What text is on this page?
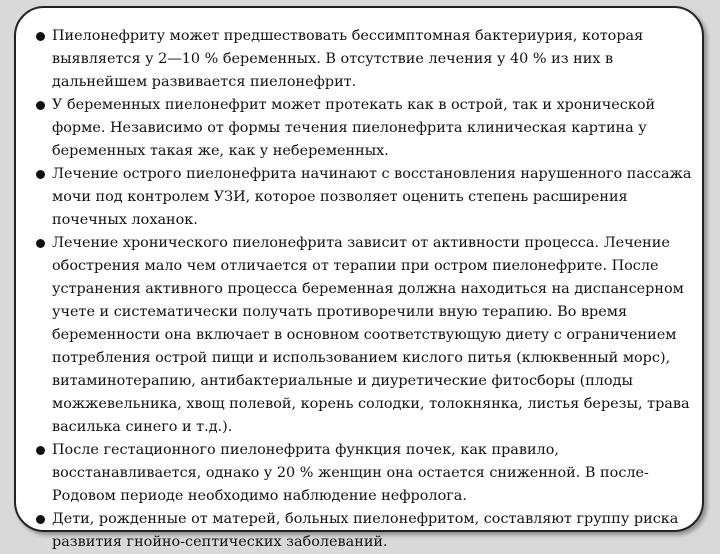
Пиелонефриту может предшествовать бессимптомная бактериурия, которая выявляется у 2—10 % беременных. В отсутствие лечения у 40 % из них в дальнейшем развивается пиелонефрит.

У беременных пиелонефрит может протекать как в острой, так и хронической форме. Независимо от формы течения пиелонефрита клиническая картина у беременных такая же, как у небеременных.

Лечение острого пиелонефрита начинают с восстановления нарушенного пассажа мочи под контролем УЗИ, которое позволяет оценить степень расширения почечных лоханок.

Лечение хронического пиелонефрита зависит от активности процесса. Лечение обострения мало чем отличается от терапии при остром пиелонефрите. После устранения активного процесса беременная должна находиться на диспансерном учете и систематически получать противоречили вную терапию. Во время беременности она включает в основном соответствующую диету с ограничением потребления острой пищи и использованием кислого питья (клюквенный морс), витаминотерапию, антибактериальные и диуретические фитосборы (плоды можжевельника, хвощ полевой, корень солодки, толокнянка, листья березы, трава василька синего и т.д.).

После гестационного пиелонефрита функция почек, как правило, восстанавливается, однако у 20 % женщин она остается сниженной. В после-Родовом периоде необходимо наблюдение нефролога.

Дети, рожденные от матерей, больных пиелонефритом, составляют группу риска развития гнойно-септических заболеваний.
